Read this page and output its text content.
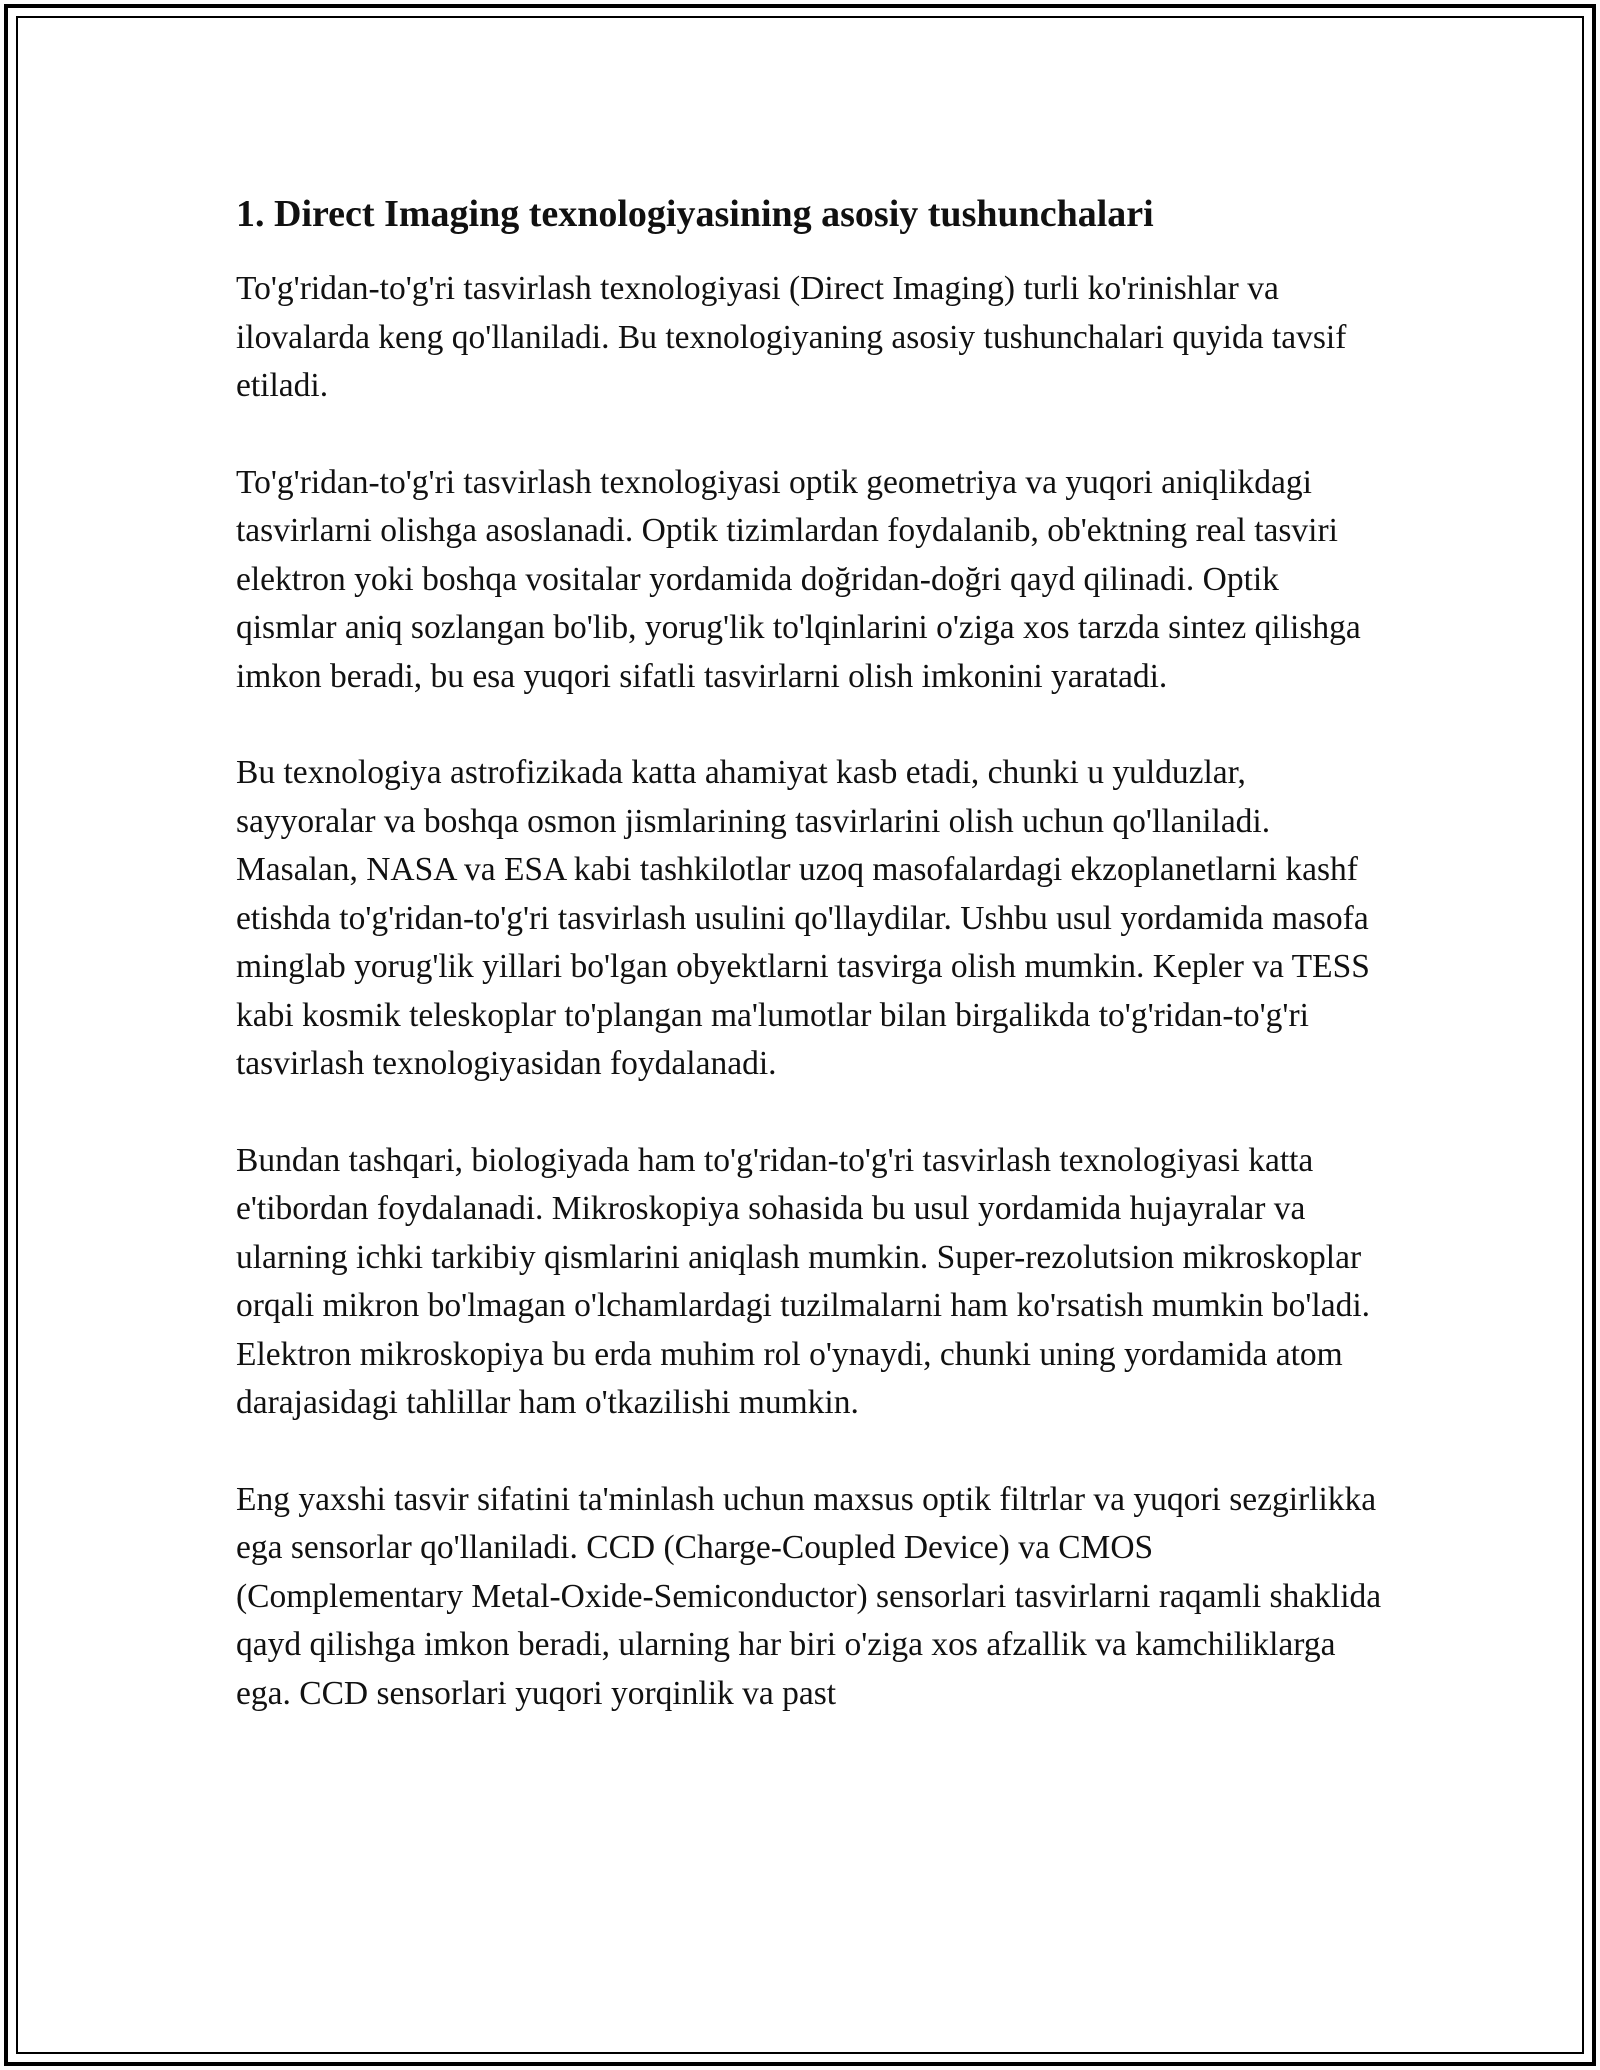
1. Direct Imaging texnologiyasining asosiy tushunchalari

To'g'ridan-to'g'ri tasvirlash texnologiyasi (Direct Imaging) turli ko'rinishlar va ilovalarda keng qo'llaniladi. Bu texnologiyaning asosiy tushunchalari quyida tavsif etiladi.

To'g'ridan-to'g'ri tasvirlash texnologiyasi optik geometriya va yuqori aniqlikdagi tasvirlarni olishga asoslanadi. Optik tizimlardan foydalanib, ob'ektning real tasviri elektron yoki boshqa vositalar yordamida doğridan-doğri qayd qilinadi. Optik qismlar aniq sozlangan bo'lib, yorug'lik to'lqinlarini o'ziga xos tarzda sintez qilishga imkon beradi, bu esa yuqori sifatli tasvirlarni olish imkonini yaratadi.

Bu texnologiya astrofizikada katta ahamiyat kasb etadi, chunki u yulduzlar, sayyoralar va boshqa osmon jismlarining tasvirlarini olish uchun qo'llaniladi. Masalan, NASA va ESA kabi tashkilotlar uzoq masofalardagi ekzoplanetlarni kashf etishda to'g'ridan-to'g'ri tasvirlash usulini qo'llaydilar. Ushbu usul yordamida masofa minglab yorug'lik yillari bo'lgan obyektlarni tasvirga olish mumkin. Kepler va TESS kabi kosmik teleskoplar to'plangan ma'lumotlar bilan birgalikda to'g'ridan-to'g'ri tasvirlash texnologiyasidan foydalanadi.

Bundan tashqari, biologiyada ham to'g'ridan-to'g'ri tasvirlash texnologiyasi katta e'tibordan foydalanadi. Mikroskopiya sohasida bu usul yordamida hujayralar va ularning ichki tarkibiy qismlarini aniqlash mumkin. Super-rezolutsion mikroskoplar orqali mikron bo'lmagan o'lchamlardagi tuzilmalarni ham ko'rsatish mumkin bo'ladi. Elektron mikroskopiya bu erda muhim rol o'ynaydi, chunki uning yordamida atom darajasidagi tahlillar ham o'tkazilishi mumkin.

Eng yaxshi tasvir sifatini ta'minlash uchun maxsus optik filtrlar va yuqori sezgirlikka ega sensorlar qo'llaniladi. CCD (Charge-Coupled Device) va CMOS (Complementary Metal-Oxide-Semiconductor) sensorlari tasvirlarni raqamli shaklida qayd qilishga imkon beradi, ularning har biri o'ziga xos afzallik va kamchiliklarga ega. CCD sensorlari yuqori yorqinlik va past
